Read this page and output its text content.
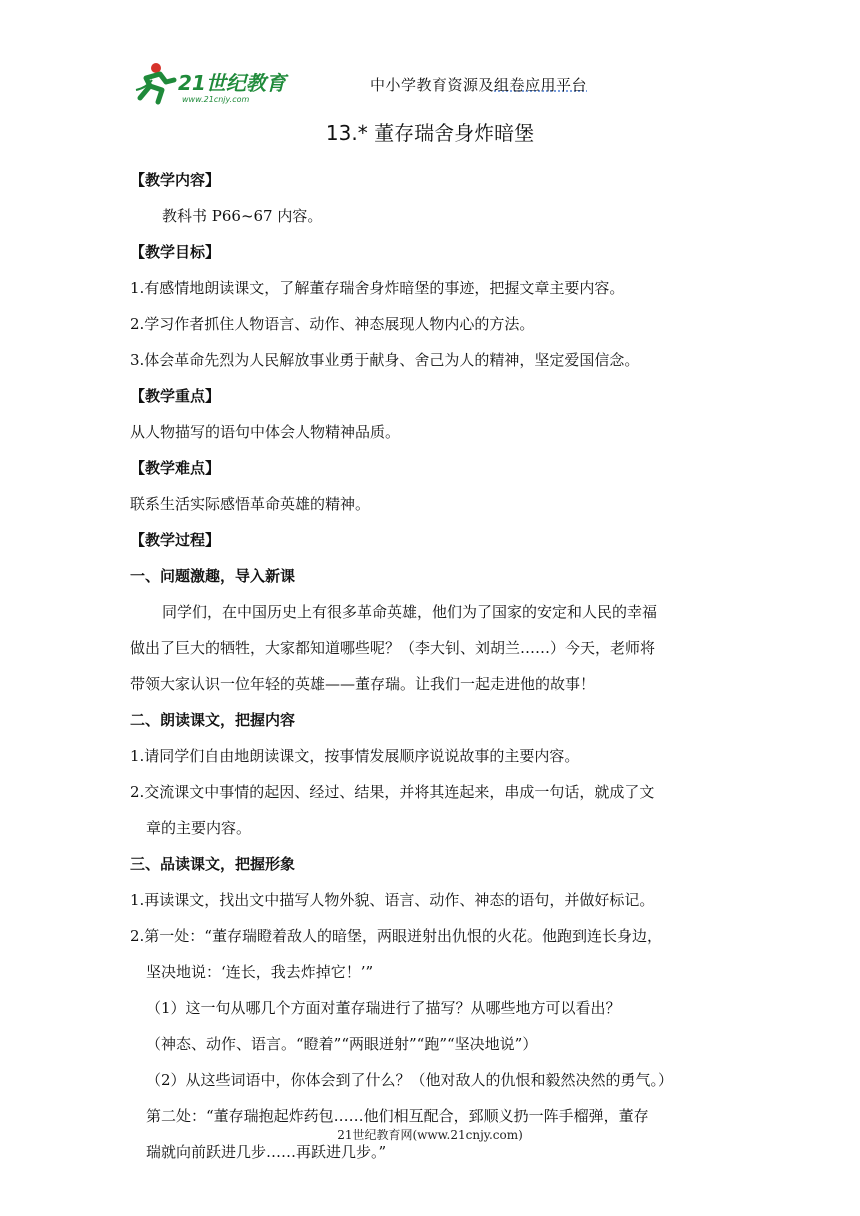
21世纪教育
www.21cnjy.com
中小学教育资源及组卷应用平台
13.* 董存瑞舍身炸暗堡
【教学内容】
教科书 P66~67 内容。
【教学目标】
1.有感情地朗读课文，了解董存瑞舍身炸暗堡的事迹，把握文章主要内容。
2.学习作者抓住人物语言、动作、神态展现人物内心的方法。
3.体会革命先烈为人民解放事业勇于献身、舍己为人的精神，坚定爱国信念。
【教学重点】
从人物描写的语句中体会人物精神品质。
【教学难点】
联系生活实际感悟革命英雄的精神。
【教学过程】
一、问题激趣，导入新课
同学们，在中国历史上有很多革命英雄，他们为了国家的安定和人民的幸福
做出了巨大的牺牲，大家都知道哪些呢？（李大钊、刘胡兰……）今天，老师将
带领大家认识一位年轻的英雄——董存瑞。让我们一起走进他的故事！
二、朗读课文，把握内容
1.请同学们自由地朗读课文，按事情发展顺序说说故事的主要内容。
2.交流课文中事情的起因、经过、结果，并将其连起来，串成一句话，就成了文
章的主要内容。
三、品读课文，把握形象
1.再读课文，找出文中描写人物外貌、语言、动作、神态的语句，并做好标记。
2.第一处：“董存瑞瞪着敌人的暗堡，两眼迸射出仇恨的火花。他跑到连长身边，
坚决地说：‘连长，我去炸掉它！’”
（1）这一句从哪几个方面对董存瑞进行了描写？从哪些地方可以看出？
（神态、动作、语言。“瞪着”“两眼迸射”“跑”“坚决地说”）
（2）从这些词语中，你体会到了什么？（他对敌人的仇恨和毅然决然的勇气。）
第二处：“董存瑞抱起炸药包……他们相互配合，郅顺义扔一阵手榴弹，董存
瑞就向前跃进几步……再跃进几步。”
21世纪教育网(www.21cnjy.com)
